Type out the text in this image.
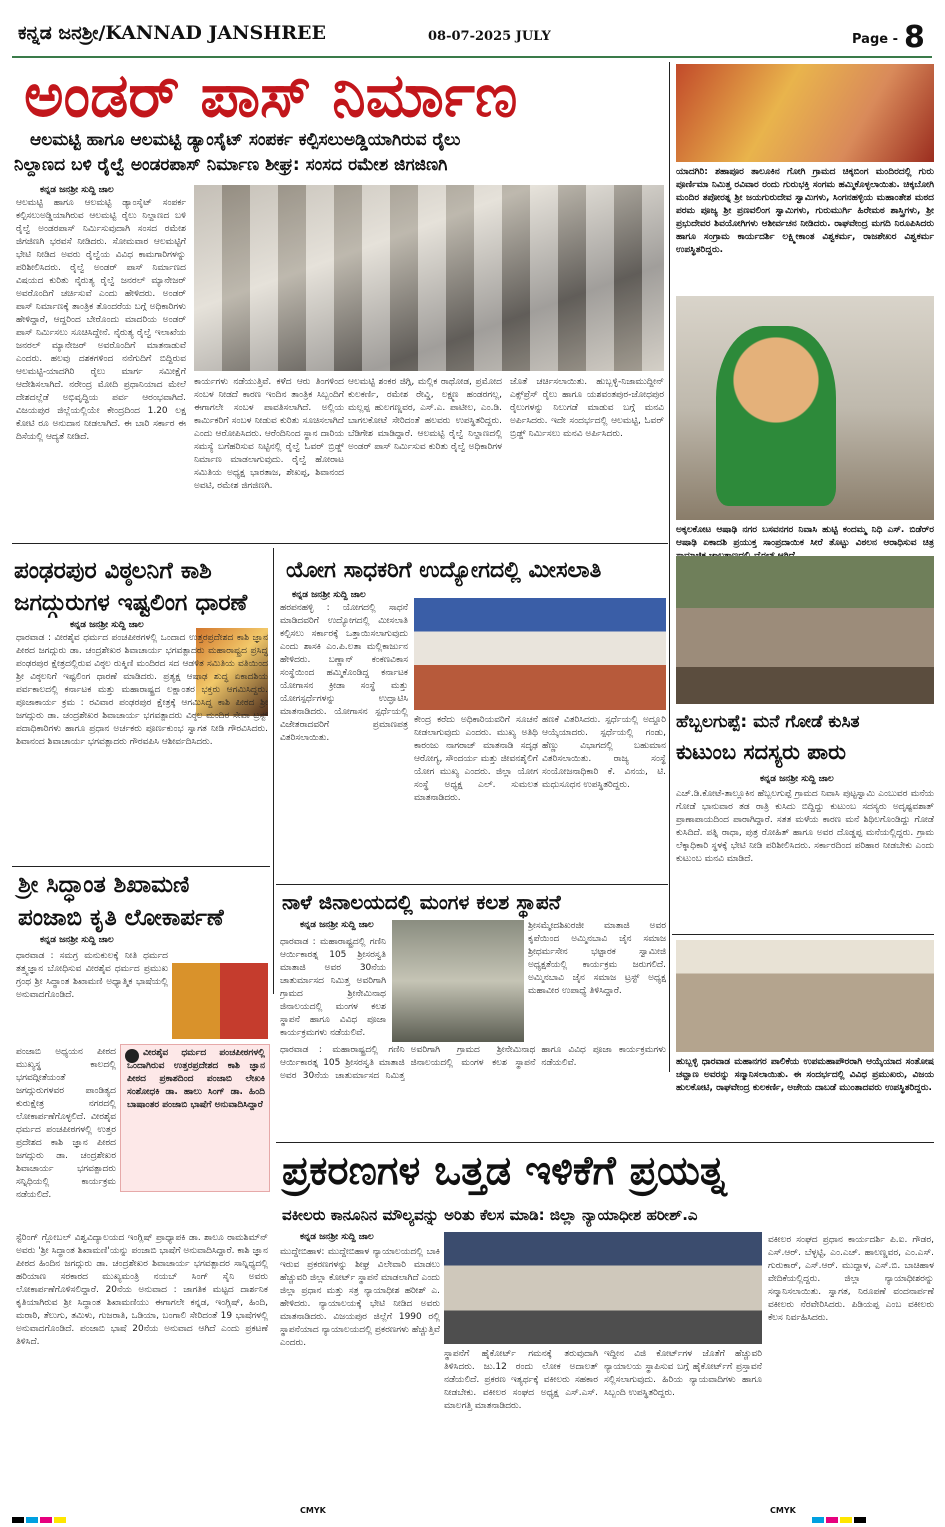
ಕನ್ನಡ ಜನಶ್ರೀ/KANNAD JANSHREE	08-07-2025 JULY	Page - 8
ಅಂಡರ್ ಪಾಸ್ ನಿರ್ಮಾಣ
ಆಲಮಟ್ಟಿ ಹಾಗೂ ಆಲಮಟ್ಟಿ ಡ್ಯಾಂಸೈಟ್ ಸಂಪರ್ಕ ಕಲ್ಪಿಸಲುಅಡ್ಡಿಯಾಗಿರುವ ರೈಲು
ನಿಲ್ದಾಣದ ಬಳಿ ರೈಲ್ವೆ ಅಂಡರಪಾಸ್ ನಿರ್ಮಾಣ ಶೀಘ್ರ: ಸಂಸದ ರಮೇಶ ಜಿಗಜಿಣಗಿ
ಕನ್ನಡ ಜನಶ್ರೀ ಸುದ್ದಿ ಜಾಲ
ಆಲಮಟ್ಟಿ ಹಾಗೂ ಆಲಮಟ್ಟಿ ಡ್ಯಾಂಸೈಟ್ ಸಂಪರ್ಕ ಕಲ್ಪಿಸಲುಅಡ್ಡಿಯಾಗಿರುವ ಆಲಮಟ್ಟಿ ರೈಲು ನಿಲ್ದಾಣದ ಬಳಿ ರೈಲ್ವೆ ಅಂಡರಪಾಸ್ ನಿರ್ಮಿಸುವುದಾಗಿ ಸಂಸದ ರಮೇಶ ಜಿಗಜಿಣಗಿ ಭರವಸೆ ನೀಡಿದರು. ಸೋಮವಾರ ಆಲಮಟ್ಟಿಗೆ ಭೇಟಿ ನೀಡಿದ ಅವರು ರೈಲ್ವೆಯ ವಿವಿಧ ಕಾಮಗಾರಿಗಳನ್ನು ಪರಿಶೀಲಿಸಿದರು. ರೈಲ್ವೆ ಅಂಡರ್ ಪಾಸ್ ನಿರ್ಮಾಣದ ವಿಷಯದ ಕುರಿತು ನೈರುತ್ಯ ರೈಲ್ವೆ ಜನರಲ್ ಮ್ಯಾನೇಜರ್ ಅವರೊಂದಿಗೆ ಚರ್ಚಿಸುವೆ ಎಂದು ಹೇಳಿದರು. ಅಂಡರ್ ಪಾಸ್ ನಿರ್ಮಾಣಕ್ಕೆ ತಾಂತ್ರಿಕ ತೊಂದರೆಯ ಬಗ್ಗೆ ಅಧಿಕಾರಿಗಳು ಹೇಳಿದ್ದಾರೆ, ಆದ್ದರಿಂದ ಬೇರೊಂದು ಮಾದರಿಯ ಅಂಡರ್ ಪಾಸ್ ನಿರ್ಮಿಸಲು ಸೂಚಿಸಿದ್ದೇನೆ. ನೈರುತ್ಯ ರೈಲ್ವೆ ಇಲಾಖೆಯ ಜನರಲ್ ಮ್ಯಾನೇಜರ್ ಅವರೊಂದಿಗೆ ಮಾತನಾಡುವೆ ಎಂದರು. ಹಲವು ದಶಕಗಳಿಂದ ನನೆಗುದಿಗೆ ಬಿದ್ದಿರುವ ಆಲಮಟ್ಟಿ-ಯಾದಗಿರಿ ರೈಲು ಮಾರ್ಗ ಸಮೀಕ್ಷೆಗೆ ಆದೇಶಿಸಲಾಗಿದೆ. ನರೇಂದ್ರ ಮೋದಿ ಪ್ರಧಾನಿಯಾದ ಮೇಲೆ ದೇಶದಲ್ಲೆಡೆ ಅಭಿವೃದ್ಧಿಯ ಪರ್ವ ಆರಂಭವಾಗಿದೆ. ವಿಜಯಪುರ ಜಿಲ್ಲೆಯಲ್ಲಿಯೇ ಕೇಂದ್ರದಿಂದ 1.20 ಲಕ್ಷ ಕೋಟಿ ರೂ ಅನುದಾನ ನೀಡಲಾಗಿದೆ. ಈ ಬಾರಿ ಸರ್ಕಾರ ಈ ದಿಸೆಯಲ್ಲಿ ಆದ್ಯತೆ ನೀಡಿದೆ.
ಕಾರ್ಯಗಳು ನಡೆಯುತ್ತಿವೆ. ಕಳೆದ ಆರು ತಿಂಗಳಿಂದ ಸಂಬಳ ನೀಡದೆ ಕಾರಣ ಇಂದಿನ ತಾಂತ್ರಿಕ ಸಿಬ್ಬಂದಿಗೆ ಈಗಾಗಲೇ ಸಂಬಳ ಪಾವತಿಸಲಾಗಿದೆ. ಅಲ್ಲಿಯ ಕಾರ್ಮಿಕರಿಗೆ ಸಂಬಳ ನೀಡುವ ಕುರಿತು ಸೂಚಿಸಲಾಗಿದೆ ಎಂದು ಆರೋಪಿಸಿದರು. ಆರೆಂದಿನಿಂದ ಸ್ಥಾನ ದಾರಿಯ ಸಮಸ್ಯೆ ಬಗೆಹರಿಸುವ ನಿಟ್ಟಿನಲ್ಲಿ ರೈಲ್ವೆ ಓವರ್ ಬ್ರಿಡ್ಜ್ ನಿರ್ಮಾಣ ಮಾಡಲಾಗುವುದು. ರೈಲ್ವೆ ಹೋರಾಟ ಸಮಿತಿಯ ಅಧ್ಯಕ್ಷ ಭಾರತಾಜ, ಶೇಖಪ್ಪ, ಶಿವಾನಂದ ಅವಟಿ, ರಮೇಶ ಜಿಗಜಿಣಗಿ.
ಆಲಮಟ್ಟಿ ಶಂಕರ ಜಿಗ್ಗಿ, ಮಲ್ಲಿಕ ರಾಥೋಡ, ಪ್ರಮೋದ ಕುಲಕರ್ಣಿ, ರಮೇಶ ರೇವ್ಡಿ, ಲಕ್ಷ್ಮಣ ಹಂಡರಗಲ್ಲ, ಮಲ್ಲಪ್ಪ ಹುಲಗಣ್ಣವರ, ಎಸ್.ಎ. ಪಾಟೀಲ, ಎಂ.ಡಿ. ಬಾಗಲಕೋಟೆ ಸೇರಿದಂತೆ ಹಲವರು ಉಪಸ್ಥಿತರಿದ್ದರು. ಬೆಡಿಗೇಶ ಮಾಡಿದ್ದಾರೆ. ಆಲಮಟ್ಟಿ ರೈಲ್ವೆ ನಿಲ್ದಾಣದಲ್ಲಿ ಅಂಡರ್ ಪಾಸ್ ನಿರ್ಮಿಸುವ ಕುರಿತು ರೈಲ್ವೆ ಅಧಿಕಾರಿಗಳ ಜೊತೆ ಚರ್ಚಿಸಲಾಯಿತು. ಹುಬ್ಬಳ್ಳಿ-ನಿಜಾಮುದ್ದೀನ್ ಎಕ್ಸ್‌ಪ್ರೆಸ್ ರೈಲು ಹಾಗೂ ಯಶವಂತಪುರ-ಜೋಧಪುರ ರೈಲುಗಳನ್ನು ನಿಲುಗಡೆ ಮಾಡುವ ಬಗ್ಗೆ ಮನವಿ ಅರ್ಪಿಸಿದರು. ಇದೇ ಸಂದರ್ಭದಲ್ಲಿ ಆಲಮಟ್ಟಿ, ಓವರ್ ಬ್ರಿಡ್ಜ್ ನಿರ್ಮಿಸಲು ಮನವಿ ಅರ್ಪಿಸಿದರು.
ಯಾದಗಿರಿ: ಶಹಾಪೂರ ತಾಲೂಕಿನ ಗೋಗಿ ಗ್ರಾಮದ ಚಿಕ್ಕಬಿಂಗ ಮಂದಿರದಲ್ಲಿ ಗುರು ಪೂರ್ಣಿಮಾ ನಿಮಿತ್ತ ರವಿವಾರ ರಂದು ಗುರುಭಕ್ತಿ ಸಂಗಮ ಹಮ್ಮಿಕೊಳ್ಳಲಾಯಿತು. ಚಿಕ್ಕಬೋಗಿ ಮಂದಿರ ತಪೋರತ್ನ ಶ್ರೀ ಜಯಗುರುದೇವ ಸ್ವಾಮಿಗಳು, ಸಿಂಗನಹಳ್ಳಿಯ ಮಹಾಂತೇಶ ಮಠದ ಪರಮ ಪೂಜ್ಯ ಶ್ರೀ ಪ್ರಣವಲಿಂಗ ಸ್ವಾಮಿಗಳು, ಗುರುಮುರ್ಗಿ ಹಿರೇಮಠ ಶಾಸ್ತ್ರಿಗಳು, ಶ್ರೀ ಪ್ರಭುದೇವರ ಶಿವಯೋಗಿಗಳು ಆಶೀರ್ವಚನ ನೀಡಿದರು. ರಾಘವೇಂದ್ರ ಮಗದಿ ನಿರೂಪಿಸಿದರು ಹಾಗೂ ಸಂಗ್ರಾಮ ಕಾರ್ಯದರ್ಶಿ ಲಕ್ಷ್ಮೀಕಾಂತ ವಿಶ್ವಕರ್ಮ, ರಾಜಶೇಖರ ವಿಶ್ವಕರ್ಮ ಉಪಸ್ಥಿತರಿದ್ದರು.
ಅಕ್ಕಲಕೋಟ ಆಷಾಢಿ ನಗರ ಬಸವನಗರ ನಿವಾಸಿ ಹುಟ್ಟಿ ಕಂದಮ್ಮ ನಿಧಿ ಎಸ್. ಬಿಡೆರ್‌ರ ಆಷಾಢಿ ಏಕಾದಶಿ ಪ್ರಯುಕ್ತ ಸಾಂಪ್ರದಾಯಿಕ ಸೀರೆ ತೊಟ್ಟು ವಿಠಲನ ಆರಾಧಿಸುವ ಚಿತ್ರ
ಪಂಢರಪುರ ವಿಠ್ಠಲನಿಗೆ ಕಾಶಿ
ಜಗದ್ಗುರುಗಳ ಇಷ್ಟಲಿಂಗ ಧಾರಣೆ
ಕನ್ನಡ ಜನಶ್ರೀ ಸುದ್ದಿ ಜಾಲ
ಧಾರವಾಡ : ವೀರಶೈವ ಧರ್ಮದ ಪಂಚಪೀಠಗಳಲ್ಲಿ ಒಂದಾದ ಉತ್ತರಪ್ರದೇಶದ ಕಾಶಿ ಜ್ಞಾನ ಪೀಠದ ಜಗದ್ಗುರು ಡಾ. ಚಂದ್ರಶೇಖರ ಶಿವಾಚಾರ್ಯ ಭಗವತ್ಪಾದರು ಮಹಾರಾಷ್ಟ್ರದ ಪ್ರಸಿದ್ಧ ಪಂಢರಪುರ ಕ್ಷೇತ್ರದಲ್ಲಿರುವ ವಿಠ್ಠಲ ರುಕ್ಮಿಣಿ ಮಂದಿರದ ಸದ ಆಡಳಿತ ಸಮಿತಿಯ ವತಿಯಿಂದ ಶ್ರೀ ವಿಠ್ಠಲನಿಗೆ ಇಷ್ಟಲಿಂಗ ಧಾರಣೆ ಮಾಡಿದರು. ಪ್ರತ್ಯಕ್ಷ ಆಷಾಢ ಶುದ್ಧ ಏಕಾದಶಿಯ ಪರ್ವಕಾಲದಲ್ಲಿ ಕರ್ನಾಟಕ ಮತ್ತು ಮಹಾರಾಷ್ಟ್ರದ ಲಕ್ಷಾಂತರ ಭಕ್ತರು ಆಗಮಿಸಿದ್ದರು. ಪೂಜಾಕಾರ್ಯ ಕ್ರಮ : ರವಿವಾರ ಪಂಢರಪುರ ಕ್ಷೇತ್ರಕ್ಕೆ ಆಗಮಿಸಿದ್ದ ಕಾಶಿ ಪೀಠದ ಶ್ರೀ ಜಗದ್ಗುರು ಡಾ. ಚಂದ್ರಶೇಖರ ಶಿವಾಚಾರ್ಯ ಭಗವತ್ಪಾದರು ವಿಠ್ಠಲ ಮಂದಿರ ಸೇವಾ ಟ್ರಸ್ಟ್ ಪದಾಧಿಕಾರಿಗಳು ಹಾಗೂ ಪ್ರಧಾನ ಅರ್ಚಕರು ಪೂರ್ಣಕುಂಭ ಸ್ವಾಗತ ನೀಡಿ ಗೌರವಿಸಿದರು. ಶಿವಾನಂದ ಶಿವಾಚಾರ್ಯ ಭಗವತ್ಪಾದರು ಗೌರವಪಿಸಿ ಆಶೀರ್ವದಿಸಿದರು.
ಶ್ರೀ ಸಿದ್ಧಾಂತ ಶಿಖಾಮಣಿ
ಪಂಜಾಬಿ ಕೃತಿ ಲೋಕಾರ್ಪಣೆ
ಕನ್ನಡ ಜನಶ್ರೀ ಸುದ್ದಿ ಜಾಲ
ಧಾರವಾಡ : ಸಮಗ್ರ ಮನುಕುಲಕ್ಕೆ ನೀತಿ ಧರ್ಮದ ತತ್ತ್ವಜ್ಞಾನ ಬೋಧಿಸುವ ವೀರಶೈವ ಧರ್ಮದ ಪ್ರಮುಖ ಗ್ರಂಥ ಶ್ರೀ ಸಿದ್ಧಾಂತ ಶಿಖಾಮಣಿ ಅಧ್ಯಾತ್ಮಿಕ ಭಾಷೆಯಲ್ಲಿ ಅನುವಾದಗೊಂಡಿದೆ.
ಪಂಜಾಬಿ ಅಧ್ಯಯನ ಪೀಠದ ಮುಖ್ಯಸ್ಥ ಕಾಲದಲ್ಲಿ ಭಗವದ್ಗೀತೆಯಂತೆ ಜಗದ್ಗುರುಗಳವರ ಪಾಂಡಿತ್ಯದ ಕುರುಕ್ಷೇತ್ರ ನಗರದಲ್ಲಿ ಲೋಕಾರ್ಪಣೆಗೊಳ್ಳಲಿದೆ. ವೀರಶೈವ ಧರ್ಮದ ಪಂಚಪೀಠಗಳಲ್ಲಿ ಉತ್ತರ ಪ್ರದೇಶದ ಕಾಶಿ ಜ್ಞಾನ ಪೀಠದ ಜಗದ್ಗುರು ಡಾ. ಚಂದ್ರಶೇಖರ ಶಿವಾಚಾರ್ಯ ಭಗವತ್ಪಾದರು ಸನ್ನಿಧಿಯಲ್ಲಿ ಕಾರ್ಯಕ್ರಮ ನಡೆಯಲಿದೆ.
ವೀರಶೈವ ಧರ್ಮದ ಪಂಚಪೀಠಗಳಲ್ಲಿ ಒಂದಾಗಿರುವ ಉತ್ತರಪ್ರದೇಶದ ಕಾಶಿ ಜ್ಞಾನ ಪೀಠದ ಪ್ರಕಾಶದಿಂದ ಪಂಜಾಬಿ ಲೇಖಕಿ ಸಂಶೋಧಕಿ ಡಾ. ಹಾಲು ಸಿಂಗ್ ಡಾ. ಹಿಂದಿ ಬಾಷಾಂತರ ಪಂಜಾಬಿ ಭಾಷೆಗೆ ಅನುವಾದಿಸಿದ್ದಾರೆ
ಸ್ಟೆರಿಂಗ್ ಗ್ಲೋಬಲ್ ವಿಶ್ವವಿದ್ಯಾಲಯದ ಇಂಗ್ಲಿಷ್ ಪ್ರಾಧ್ಯಾಪಕಿ ಡಾ. ಶಾಲೂ ರಾಮಶಿಮ್‌ನ್ ಅವರು 'ಶ್ರೀ ಸಿದ್ಧಾಂತ ಶಿಖಾಮಣಿ'ಯನ್ನು ಪಂಜಾಬಿ ಭಾಷೆಗೆ ಅನುವಾದಿಸಿದ್ದಾರೆ. ಕಾಶಿ ಜ್ಞಾನ ಪೀಠದ ಹಿಂದಿನ ಜಗದ್ಗುರು ಡಾ. ಚಂದ್ರಶೇಖರ ಶಿವಾಚಾರ್ಯ ಭಗವತ್ಪಾದರ ಸಾನ್ನಿಧ್ಯದಲ್ಲಿ ಹರಿಯಾಣ ಸರಕಾರದ ಮುಖ್ಯಮಂತ್ರಿ ನಯಬ್ ಸಿಂಗ್ ಸೈನಿ ಅವರು ಲೋಕಾರ್ಪಣೆಗೊಳಿಸಲಿದ್ದಾರೆ. 20ನೆಯ ಅನುವಾದ : ಜಾಗತಿಕ ಮಟ್ಟದ ದಾರ್ಶನಿಕ ಕೃತಿಯಾಗಿರುವ ಶ್ರೀ ಸಿದ್ಧಾಂತ ಶಿಖಾಮಣಿಯು ಈಗಾಗಲೇ ಕನ್ನಡ, ಇಂಗ್ಲಿಷ್, ಹಿಂದಿ, ಮರಾಠಿ, ತೆಲುಗು, ತಮಿಳು, ಗುಜರಾತಿ, ಒಡಿಯಾ, ಬಂಗಾಲಿ ಸೇರಿದಂತೆ 19 ಭಾಷೆಗಳಲ್ಲಿ ಅನುವಾದಗೊಂಡಿದೆ. ಪಂಜಾಬಿ ಭಾಷೆ 20ನೆಯ ಅನುವಾದ ಆಗಿದೆ ಎಂದು ಪ್ರಕಟಣೆ ತಿಳಿಸಿದೆ.
ಯೋಗ ಸಾಧಕರಿಗೆ ಉದ್ಯೋಗದಲ್ಲಿ ಮೀಸಲಾತಿ
ಕನ್ನಡ ಜನಶ್ರೀ ಸುದ್ದಿ ಜಾಲ
ಹರಪನಹಳ್ಳಿ : ಯೋಗದಲ್ಲಿ ಸಾಧನೆ ಮಾಡಿದವರಿಗೆ ಉದ್ಯೋಗದಲ್ಲಿ ಮೀಸಲಾತಿ ಕಲ್ಪಿಸಲು ಸರ್ಕಾರಕ್ಕೆ ಒತ್ತಾಯಿಸಲಾಗುವುದು ಎಂದು ಶಾಸಕಿ ಎಂ.ಪಿ.ಲತಾ ಮಲ್ಲಿಕಾರ್ಜುನ ಹೇಳಿದರು. ಬಣ್ಣಾನ್ ಕಂಕಣವಿಕಾಸ ಸಂಸ್ಥೆಯಿಂದ ಹಮ್ಮಿಕೊಂಡಿದ್ದ ಕರ್ನಾಟಕ ಯೋಗಾಸನ ಕ್ರೀಡಾ ಸಂಸ್ಥೆ ಮತ್ತು ಯೋಗಸ್ಪರ್ಧೆಗಳನ್ನು ಉದ್ಘಾಟಿಸಿ ಮಾತನಾಡಿದರು. ಯೋಗಾಸನ ಸ್ಪರ್ಧೆಯಲ್ಲಿ ವಿಜೇತರಾದವರಿಗೆ ಪ್ರಮಾಣಪತ್ರ ವಿತರಿಸಲಾಯಿತು.
ಕೇಂದ್ರ ಕರೆದು ಅಧಿಕಾರಿಯವರಿಗೆ ಸೂಚನೆ ನೀಡಲಾಗುವುದು ಎಂದರು. ಮುಖ್ಯ ಅತಿಥಿ ಕಾರಂಜು ನಾಗರಾಜ್ ಮಾತನಾಡಿ ಸದೃಢ ಆರೋಗ್ಯ, ಸೌಂದರ್ಯ ಮತ್ತು ಜೀವನಶೈಲಿಗೆ ಯೋಗ ಮುಖ್ಯ ಎಂದರು. ಜಿಲ್ಲಾ ಯೋಗ ಸಂಸ್ಥೆ ಅಧ್ಯಕ್ಷ ಎಲ್. ಸುಮಲತ ಮಾತನಾಡಿದರು.
ಹಣಕೆ ವಿತರಿಸಿದರು. ಸ್ಪರ್ಧೆಯಲ್ಲಿ ಅದ್ದೂರಿ ಆಯ್ಕೆಯಾದರು. ಸ್ಪರ್ಧೆಯಲ್ಲಿ ಗಂಡು, ಹೆಣ್ಣು ವಿಭಾಗದಲ್ಲಿ ಬಹುಮಾನ ವಿತರಿಸಲಾಯಿತು. ರಾಜ್ಯ ಸಂಸ್ಥೆ ಸಂಯೋಜನಾಧಿಕಾರಿ ಕೆ. ವಿನಯ, ಟಿ. ಮಧುಸೂಧನ ಉಪಸ್ಥಿತರಿದ್ದರು.
ನಾಳೆ ಜಿನಾಲಯದಲ್ಲಿ ಮಂಗಳ ಕಲಶ ಸ್ಥಾಪನೆ
ಕನ್ನಡ ಜನಶ್ರೀ ಸುದ್ದಿ ಜಾಲ
ಧಾರವಾಡ : ಮಹಾರಾಷ್ಟ್ರದಲ್ಲಿ ಗಣಿನಿ ಆರ್ಯಿಕಾರತ್ನ 105 ಶ್ರೀಸರಸ್ವತಿ ಮಾತಾಜಿ ಅವರ 30ನೆಯ ಚಾತುರ್ಮಾಸದ ನಿಮಿತ್ತ ಅವರಿಗಾಗಿ ಗ್ರಾಮದ ಶ್ರೀನೇಮಿನಾಥ ಜಿನಾಲಯದಲ್ಲಿ ಮಂಗಳ ಕಲಶ ಸ್ಥಾಪನೆ ಹಾಗೂ ವಿವಿಧ ಪೂಜಾ ಕಾರ್ಯಕ್ರಮಗಳು ನಡೆಯಲಿವೆ.
ಶ್ರೀಸಮ್ಮೇದಶಿಖರಜೀ ಮಾತಾಜಿ ಅವರ ಕೃಪೆಯಿಂದ ಅಮ್ಮಿನಬಾವಿ ಜೈನ ಸಮಾಜ ಶ್ರೀಧರ್ಮಸೇನ ಭಟ್ಟಾರಕ ಸ್ವಾಮೀಜಿ ಅಧ್ಯಕ್ಷತೆಯಲ್ಲಿ ಕಾರ್ಯಕ್ರಮ ಜರುಗಲಿದೆ. ಅಮ್ಮಿನಬಾವಿ ಜೈನ ಸಮಾಜ ಟ್ರಸ್ಟ್ ಅಧ್ಯಕ್ಷ ಮಹಾವೀರ ಉಪಾಧ್ಯೆ ತಿಳಿಸಿದ್ದಾರೆ.
ಧಾರವಾಡ : ಮಹಾರಾಷ್ಟ್ರದಲ್ಲಿ ಗಣಿನಿ ಆರ್ಯಿಕಾರತ್ನ 105 ಶ್ರೀಸರಸ್ವತಿ ಮಾತಾಜಿ ಅವರ 30ನೆಯ ಚಾತುರ್ಮಾಸದ ನಿಮಿತ್ತ ಅವರಿಗಾಗಿ ಗ್ರಾಮದ ಶ್ರೀನೇಮಿನಾಥ ಜಿನಾಲಯದಲ್ಲಿ ಮಂಗಳ ಕಲಶ ಸ್ಥಾಪನೆ ಹಾಗೂ ವಿವಿಧ ಪೂಜಾ ಕಾರ್ಯಕ್ರಮಗಳು ನಡೆಯಲಿವೆ.
ಹೆಬ್ಬಲಗುಪ್ಪೆ: ಮನೆ ಗೋಡೆ ಕುಸಿತ
ಕುಟುಂಬ ಸದಸ್ಯರು ಪಾರು
ಕನ್ನಡ ಜನಶ್ರೀ ಸುದ್ದಿ ಜಾಲ
ಎಚ್.ಡಿ.ಕೋಟೆ-ತಾಲ್ಲೂಕಿನ ಹೆಬ್ಬಲಗುಪ್ಪೆ ಗ್ರಾಮದ ನಿವಾಸಿ ಪುಟ್ಟಸ್ವಾಮಿ ಎಂಬುವರ ಮನೆಯ ಗೋಡೆ ಭಾನುವಾರ ತಡ ರಾತ್ರಿ ಕುಸಿದು ಬಿದ್ದಿದ್ದು ಕುಟುಂಬ ಸದಸ್ಯರು ಅದೃಷ್ಟವಶಾತ್ ಪ್ರಾಣಾಪಾಯದಿಂದ ಪಾರಾಗಿದ್ದಾರೆ. ಸತತ ಮಳೆಯ ಕಾರಣ ಮನೆ ಶಿಥಿಲಗೊಂಡಿದ್ದು ಗೋಡೆ ಕುಸಿದಿದೆ. ಪತ್ನಿ ರಾಧಾ, ಪುತ್ರ ರೋಹಿತ್ ಹಾಗೂ ಅವರ ದೊಡ್ಡಪ್ಪ ಮನೆಯಲ್ಲಿದ್ದರು. ಗ್ರಾಮ ಲೆಕ್ಕಾಧಿಕಾರಿ ಸ್ಥಳಕ್ಕೆ ಭೇಟಿ ನೀಡಿ ಪರಿಶೀಲಿಸಿದರು. ಸರ್ಕಾರದಿಂದ ಪರಿಹಾರ ನೀಡಬೇಕು ಎಂದು ಕುಟುಂಬ ಮನವಿ ಮಾಡಿದೆ.
ಹುಬ್ಬಳ್ಳಿ ಧಾರವಾಡ ಮಹಾನಗರ ಪಾಲಿಕೆಯ ಉಪಮಹಾಪೌರರಾಗಿ ಆಯ್ಕೆಯಾದ ಸಂತೋಷ ಚವ್ಹಾಣ ಅವರನ್ನು ಸನ್ಮಾನಿಸಲಾಯಿತು. ಈ ಸಂದರ್ಭದಲ್ಲಿ ವಿವಿಧ ಪ್ರಮುಖರು, ವಿಜಯ ಹುಲಕೋಟಿ, ರಾಘವೇಂದ್ರ ಕುಲಕರ್ಣಿ, ಅಜೇಯ ದಾಬಡೆ ಮುಂತಾದವರು ಉಪಸ್ಥಿತರಿದ್ದರು.
ಪ್ರಕರಣಗಳ ಒತ್ತಡ ಇಳಿಕೆಗೆ ಪ್ರಯತ್ನ
ವಕೀಲರು ಕಾನೂನಿನ ಮೌಲ್ಯವನ್ನು ಅರಿತು ಕೆಲಸ ಮಾಡಿ: ಜಿಲ್ಲಾ ನ್ಯಾಯಾಧೀಶ ಹರೀಶ್.ಎ
ಕನ್ನಡ ಜನಶ್ರೀ ಸುದ್ದಿ ಜಾಲ
ಮುದ್ದೇಬಿಹಾಳ: ಮುದ್ದೇಬಿಹಾಳ ನ್ಯಾಯಾಲಯದಲ್ಲಿ ಬಾಕಿ ಇರುವ ಪ್ರಕರಣಗಳನ್ನು ಶೀಘ್ರ ವಿಲೇವಾರಿ ಮಾಡಲು ಹೆಚ್ಚುವರಿ ಜಿಲ್ಲಾ ಕೋರ್ಟ್ ಸ್ಥಾಪನೆ ಮಾಡಲಾಗಿದೆ ಎಂದು ಜಿಲ್ಲಾ ಪ್ರಧಾನ ಮತ್ತು ಸತ್ರ ನ್ಯಾಯಾಧೀಶ ಹರೀಶ್ ಎ. ಹೇಳಿದರು. ನ್ಯಾಯಾಲಯಕ್ಕೆ ಭೇಟಿ ನೀಡಿದ ಅವರು ಮಾತನಾಡಿದರು. ವಿಜಯಪುರ ಜಿಲ್ಲೆಗೆ 1990 ರಲ್ಲಿ ಸ್ಥಾಪನೆಯಾದ ನ್ಯಾಯಾಲಯದಲ್ಲಿ ಪ್ರಕರಣಗಳು ಹೆಚ್ಚುತ್ತಿವೆ ಎಂದರು.
ಸ್ಥಾಪನೆಗೆ ಹೈಕೋರ್ಟ್ ಗಮನಕ್ಕೆ ತರುವುದಾಗಿ ತಿಳಿಸಿದರು. ಜು.12 ರಂದು ಲೋಕ ಅದಾಲತ್ ನಡೆಯಲಿದೆ. ಪ್ರಕರಣ ಇತ್ಯರ್ಥಕ್ಕೆ ವಕೀಲರು ಸಹಕಾರ ನೀಡಬೇಕು. ವಕೀಲರ ಸಂಘದ ಅಧ್ಯಕ್ಷ ಎಸ್.ಎಸ್. ಮಾಲಗತ್ತಿ ಮಾತನಾಡಿದರು.
ಇದ್ದೀನ ವಿಜಿ ಕೋರ್ಟ್‌ಗಳ ಜೊತೆಗೆ ಹೆಚ್ಚುವರಿ ನ್ಯಾಯಾಲಯ ಸ್ಥಾಪಿಸುವ ಬಗ್ಗೆ ಹೈಕೋರ್ಟ್‌ಗೆ ಪ್ರಸ್ತಾವನೆ ಸಲ್ಲಿಸಲಾಗುವುದು. ಹಿರಿಯ ನ್ಯಾಯವಾದಿಗಳು ಹಾಗೂ ಸಿಬ್ಬಂದಿ ಉಪಸ್ಥಿತರಿದ್ದರು.
ವಕೀಲರ ಸಂಘದ ಪ್ರಧಾನ ಕಾರ್ಯದರ್ಶಿ ಪಿ.ಐ. ಗೌಡರ, ಎಸ್.ಆರ್. ಬೆಳ್ಳಟ್ಟಿ, ಎಂ.ಎಚ್. ಹಾಲಣ್ಣವರ, ಎಂ.ಎಸ್. ಗುರುಕಾರ್, ಎಸ್.ಆರ್. ಮುದ್ದಾಳ, ಎಸ್.ಬಿ. ಬಾಚಿಹಾಳ ವೇದಿಕೆಯಲ್ಲಿದ್ದರು. ಜಿಲ್ಲಾ ನ್ಯಾಯಾಧೀಶರನ್ನು ಸನ್ಮಾನಿಸಲಾಯಿತು. ಸ್ವಾಗತ, ನಿರೂಪಣೆ ವಂದನಾರ್ಪಣೆ ವಕೀಲರು ನೆರವೇರಿಸಿದರು. ಪಿಡಿಯಪ್ಪ ಎಂಬ ವಕೀಲರು ಕೆಲಸ ನಿರ್ವಹಿಸಿದರು.
CMYK	CMYK
